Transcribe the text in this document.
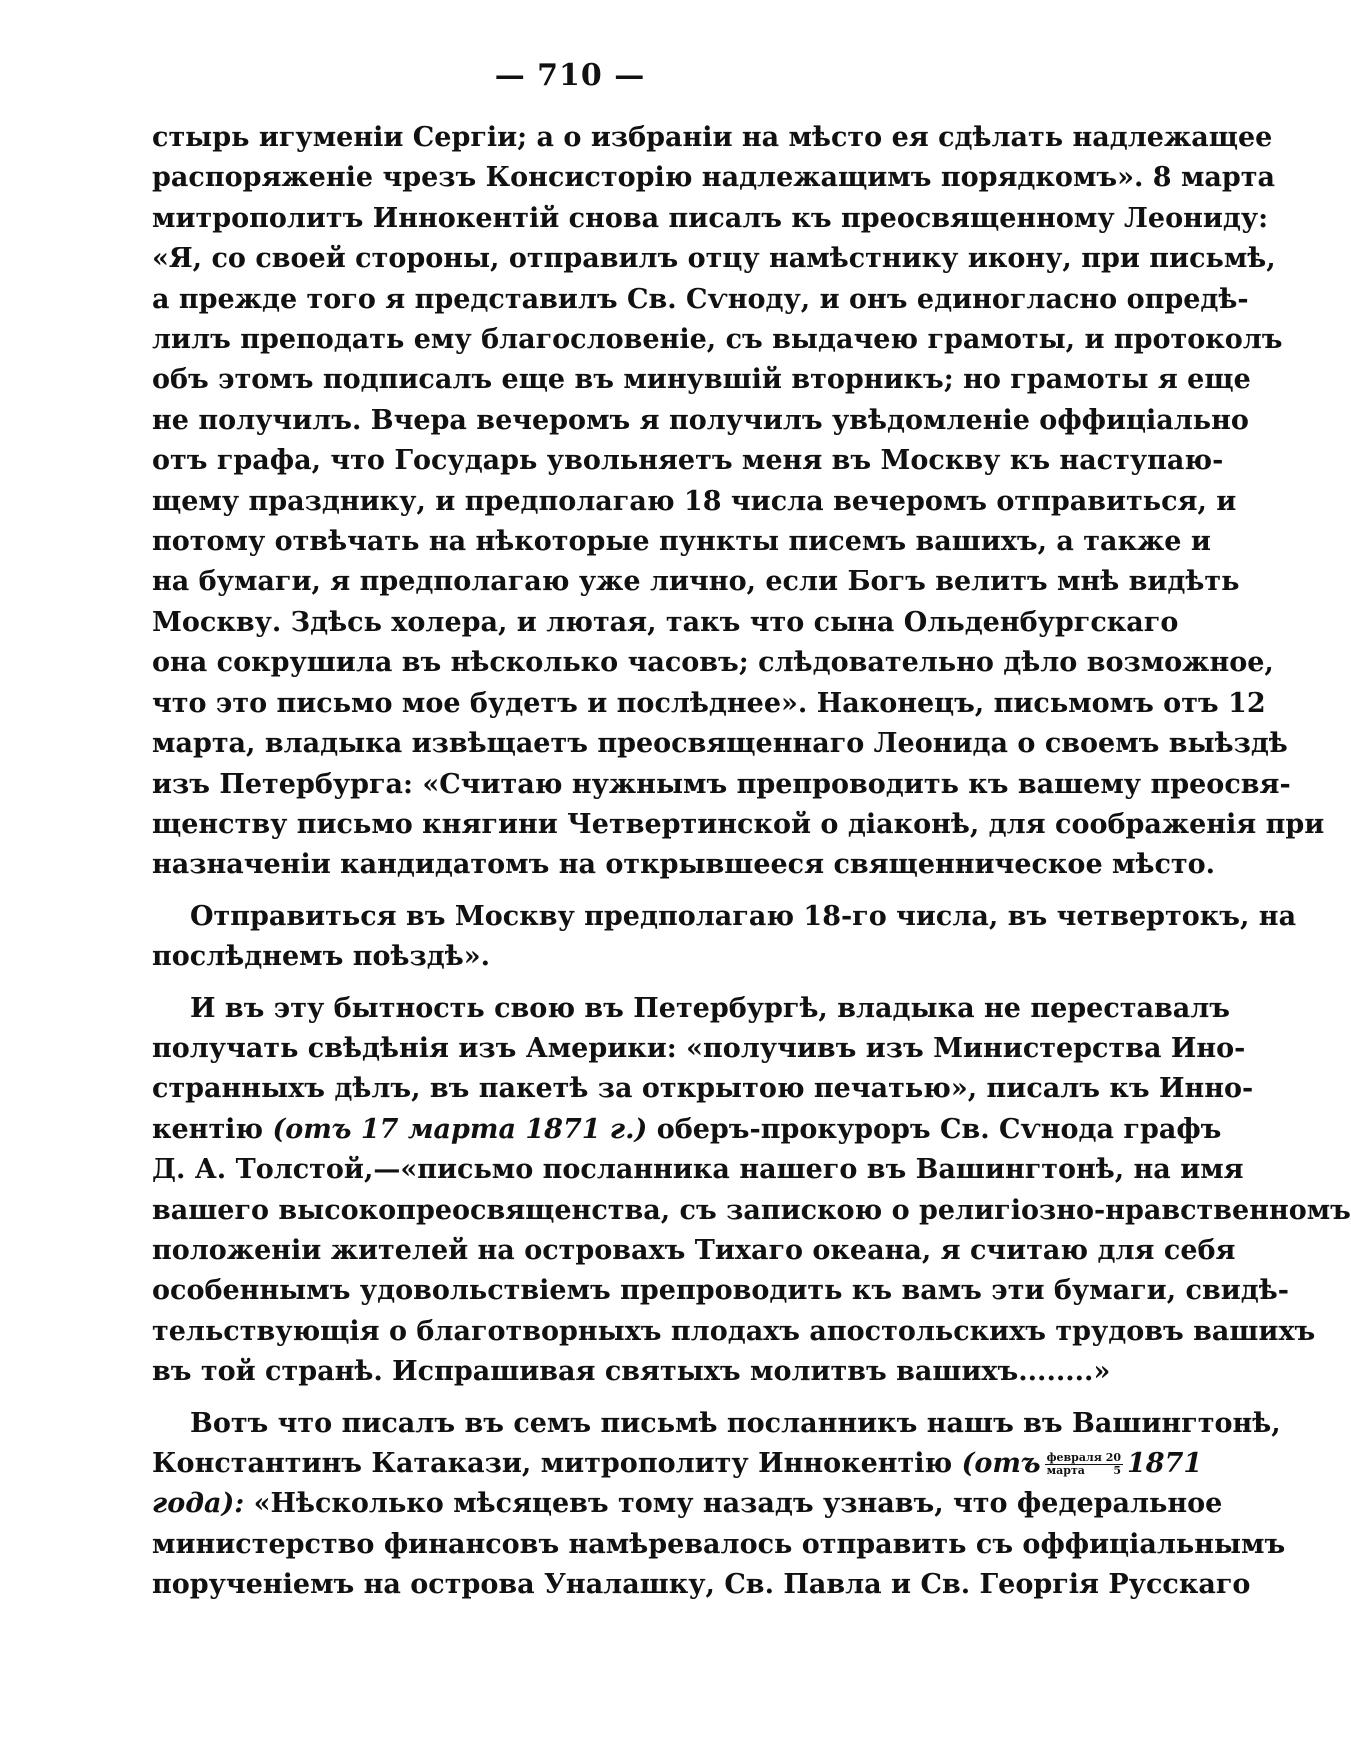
— 710 —
стырь игуменіи Сергіи; а о избраніи на мѣсто ея сдѣлать надлежащее
распоряженіе чрезъ Консисторію надлежащимъ порядкомъ». 8 марта
митрополитъ Иннокентій снова писалъ къ преосвященному Леониду:
«Я, со своей стороны, отправилъ отцу намѣстнику икону, при письмѣ,
а прежде того я представилъ Св. Сѵноду, и онъ единогласно опредѣ-
лилъ преподать ему благословеніе, съ выдачею грамоты, и протоколъ
объ этомъ подписалъ еще въ минувшій вторникъ; но грамоты я еще
не получилъ. Вчера вечеромъ я получилъ увѣдомленіе оффиціально
отъ графа, что Государь увольняетъ меня въ Москву къ наступаю-
щему празднику, и предполагаю 18 числа вечеромъ отправиться, и
потому отвѣчать на нѣкоторые пункты писемъ вашихъ, а также и
на бумаги, я предполагаю уже лично, если Богъ велитъ мнѣ видѣть
Москву. Здѣсь холера, и лютая, такъ что сына Ольденбургскаго
она сокрушила въ нѣсколько часовъ; слѣдовательно дѣло возможное,
что это письмо мое будетъ и послѣднее». Наконецъ, письмомъ отъ 12
марта, владыка извѣщаетъ преосвященнаго Леонида о своемъ выѣздѣ
изъ Петербурга: «Считаю нужнымъ препроводить къ вашему преосвя-
щенству письмо княгини Четвертинской о діаконѣ, для соображенія при
назначеніи кандидатомъ на открывшееся священническое мѣсто.
Отправиться въ Москву предполагаю 18-го числа, въ четвертокъ, на
послѣднемъ поѣздѣ».
И въ эту бытность свою въ Петербургѣ, владыка не переставалъ
получать свѣдѣнія изъ Америки: «получивъ изъ Министерства Ино-
странныхъ дѣлъ, въ пакетѣ за открытою печатью», писалъ къ Инно-
кентію (отъ 17 марта 1871 г.) оберъ-прокуроръ Св. Сѵнода графъ
Д. А. Толстой,—«письмо посланника нашего въ Вашингтонѣ, на имя
вашего высокопреосвященства, съ запискою о религіозно-нравственномъ
положеніи жителей на островахъ Тихаго океана, я считаю для себя
особеннымъ удовольствіемъ препроводить къ вамъ эти бумаги, свидѣ-
тельствующія о благотворныхъ плодахъ апостольскихъ трудовъ вашихъ
въ той странѣ. Испрашивая святыхъ молитвъ вашихъ........»
Вотъ что писалъ въ семъ письмѣ посланникъ нашъ въ Вашингтонѣ,
Константинъ Катакази, митрополиту Иннокентію ($отъ \frac{\text{февраля 20}}{\text{марта 5}} 1871$
года): «Нѣсколько мѣсяцевъ тому назадъ узнавъ, что федеральное
министерство финансовъ намѣревалось отправить съ оффиціальнымъ
порученіемъ на острова Уналашку, Св. Павла и Св. Георгія Русскаго
